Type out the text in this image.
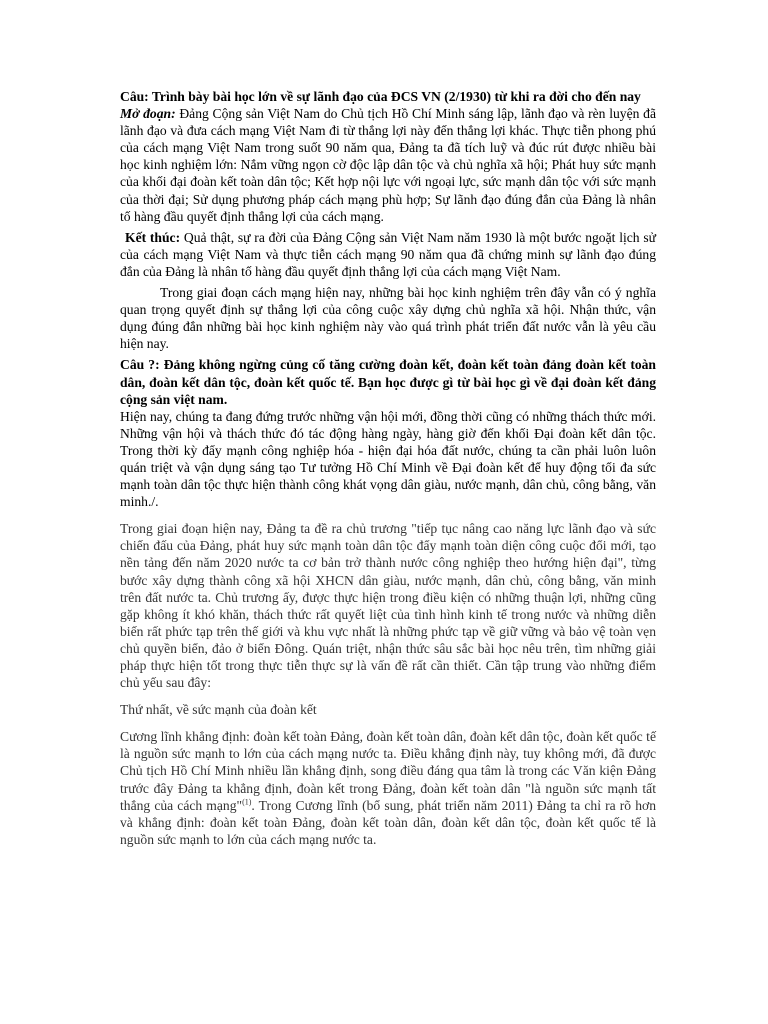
Câu: Trình bày bài học lớn về sự lãnh đạo của ĐCS VN (2/1930) từ khi ra đời cho đến nay

Mở đoạn: Đảng Cộng sản Việt Nam do Chủ tịch Hồ Chí Minh sáng lập, lãnh đạo và rèn luyện đã lãnh đạo và đưa cách mạng Việt Nam đi từ thắng lợi này đến thắng lợi khác. Thực tiễn phong phú của cách mạng Việt Nam trong suốt 90 năm qua, Đảng ta đã tích luỹ và đúc rút được nhiều bài học kinh nghiệm lớn: Nắm vững ngọn cờ độc lập dân tộc và chủ nghĩa xã hội; Phát huy sức mạnh của khối đại đoàn kết toàn dân tộc; Kết hợp nội lực với ngoại lực, sức mạnh dân tộc với sức mạnh của thời đại; Sử dụng phương pháp cách mạng phù hợp; Sự lãnh đạo đúng đắn của Đảng là nhân tố hàng đầu quyết định thắng lợi của cách mạng.

Kết thúc: Quả thật, sự ra đời của Đảng Cộng sản Việt Nam năm 1930 là một bước ngoặt lịch sử của cách mạng Việt Nam và thực tiễn cách mạng 90 năm qua đã chứng minh sự lãnh đạo đúng đắn của Đảng là nhân tố hàng đầu quyết định thắng lợi của cách mạng Việt Nam.

Trong giai đoạn cách mạng hiện nay, những bài học kinh nghiệm trên đây vẫn có ý nghĩa quan trọng quyết định sự thắng lợi của công cuộc xây dựng chủ nghĩa xã hội. Nhận thức, vận dụng đúng đắn những bài học kinh nghiệm này vào quá trình phát triển đất nước vẫn là yêu cầu hiện nay.

Câu ?: Đảng không ngừng củng cố tăng cường đoàn kết, đoàn kết toàn đảng đoàn kết toàn dân, đoàn kết dân tộc, đoàn kết quốc tế. Bạn học được gì từ bài học gì về đại đoàn kết đảng cộng sản việt nam.

Hiện nay, chúng ta đang đứng trước những vận hội mới, đồng thời cũng có những thách thức mới. Những vận hội và thách thức đó tác động hàng ngày, hàng giờ đến khối Đại đoàn kết dân tộc. Trong thời kỳ đẩy mạnh công nghiệp hóa - hiện đại hóa đất nước, chúng ta cần phải luôn luôn quán triệt và vận dụng sáng tạo Tư tưởng Hồ Chí Minh về Đại đoàn kết để huy động tối đa sức mạnh toàn dân tộc thực hiện thành công khát vọng dân giàu, nước mạnh, dân chủ, công bằng, văn minh./.

Trong giai đoạn hiện nay, Đảng ta đề ra chủ trương "tiếp tục nâng cao năng lực lãnh đạo và sức chiến đấu của Đảng, phát huy sức mạnh toàn dân tộc đẩy mạnh toàn diện công cuộc đổi mới, tạo nền tảng đến năm 2020 nước ta cơ bản trở thành nước công nghiệp theo hướng hiện đại", từng bước xây dựng thành công xã hội XHCN dân giàu, nước mạnh, dân chủ, công bằng, văn minh trên đất nước ta. Chủ trương ấy, được thực hiện trong điều kiện có những thuận lợi, những cũng gặp không ít khó khăn, thách thức rất quyết liệt của tình hình kinh tế trong nước và những diễn biến rất phức tạp trên thế giới và khu vực nhất là những phức tạp về giữ vững và bảo vệ toàn vẹn chủ quyền biển, đảo ở biển Đông. Quán triệt, nhận thức sâu sắc bài học nêu trên, tìm những giải pháp thực hiện tốt trong thực tiễn thực sự là vấn đề rất cần thiết. Cần tập trung vào những điểm chủ yếu sau đây:

Thứ nhất, về sức mạnh của đoàn kết

Cương lĩnh khẳng định: đoàn kết toàn Đảng, đoàn kết toàn dân, đoàn kết dân tộc, đoàn kết quốc tế là nguồn sức mạnh to lớn của cách mạng nước ta. Điều khẳng định này, tuy không mới, đã được Chủ tịch Hồ Chí Minh nhiều lần khẳng định, song điều đáng qua tâm là trong các Văn kiện Đảng trước đây Đảng ta khẳng định, đoàn kết trong Đảng, đoàn kết toàn dân "là nguồn sức mạnh tất thắng của cách mạng"$^{(1)}$. Trong Cương lĩnh (bổ sung, phát triển năm 2011) Đảng ta chỉ ra rõ hơn và khẳng định: đoàn kết toàn Đảng, đoàn kết toàn dân, đoàn kết dân tộc, đoàn kết quốc tế là nguồn sức mạnh to lớn của cách mạng nước ta.
